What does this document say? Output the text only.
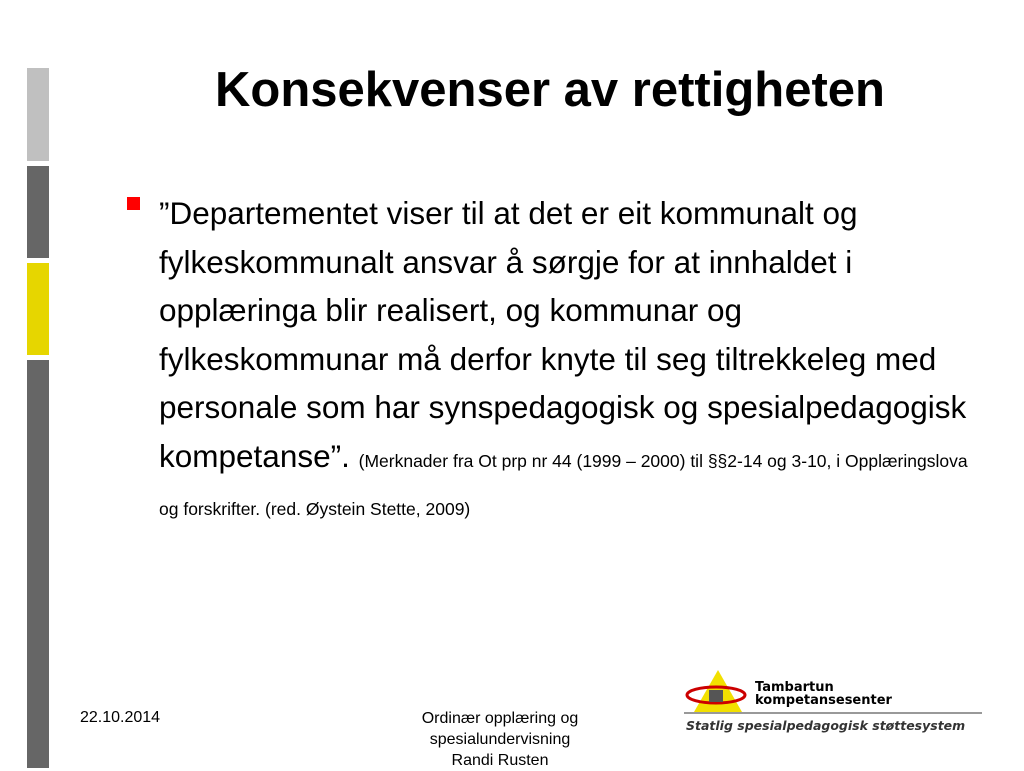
Konsekvenser av rettigheten
”Departementet viser til at det er eit kommunalt og fylkeskommunalt ansvar å sørgje for at innhaldet i opplæringa blir realisert, og kommunar og fylkeskommunar må derfor knyte til seg tiltrekkeleg med personale som har synspedagogisk og spesialpedagogisk kompetanse”. (Merknader fra Ot prp nr 44 (1999 – 2000) til §§2-14 og 3-10, i Opplæringslova og forskrifter. (red. Øystein Stette, 2009)
22.10.2014	Ordinær opplæring og
spesialundervisning
Randi Rusten
Tambartun
kompetansesenter
Statlig spesialpedagogisk støttesystem
